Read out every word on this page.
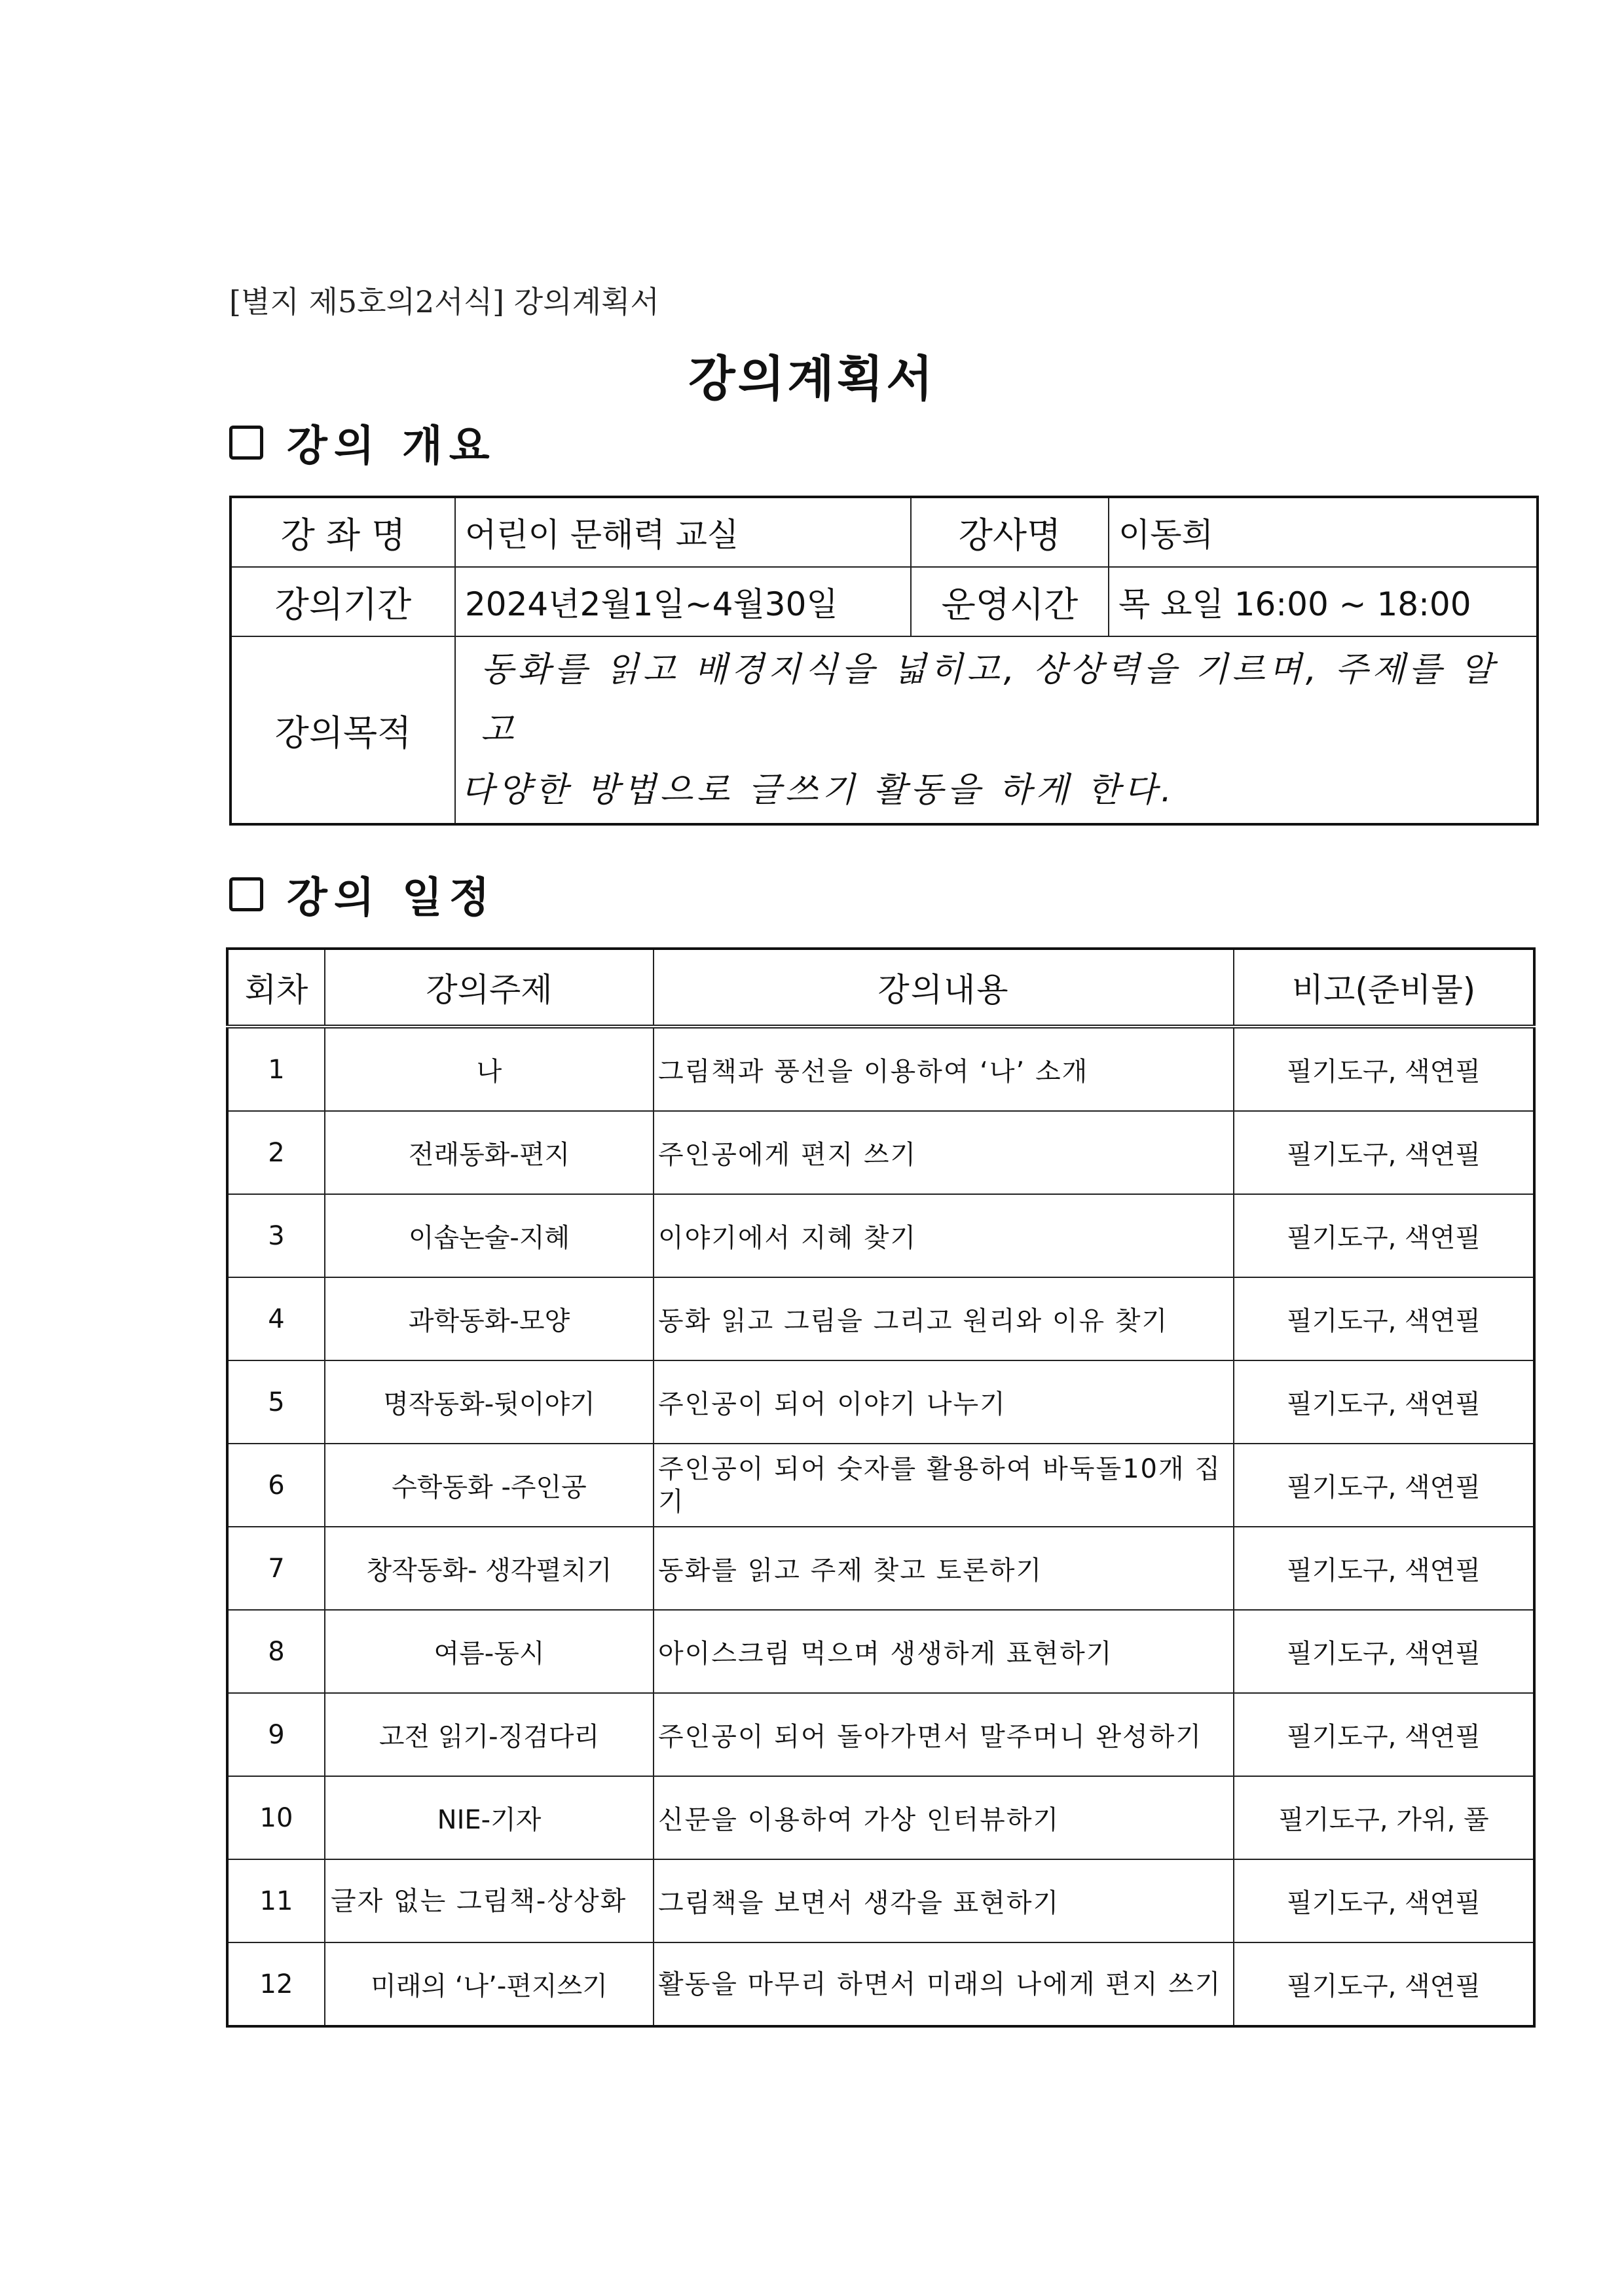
[별지 제5호의2서식] 강의계획서
강의계획서
강의 개요
강 좌 명	어린이 문해력 교실	강사명	이동희
강의기간	2024년2월1일~4월30일	운영시간	목 요일 16:00 ~ 18:00
강의목적	동화를 읽고 배경지식을 넓히고, 상상력을 기르며, 주제를 알고
다양한 방법으로 글쓰기 활동을 하게 한다.		
강의 일정
회차	강의주제	강의내용	비고(준비물)
1	나	그림책과 풍선을 이용하여 ‘나’ 소개	필기도구, 색연필
2	전래동화-편지	주인공에게 편지 쓰기	필기도구, 색연필
3	이솝논술-지혜	이야기에서 지혜 찾기	필기도구, 색연필
4	과학동화-모양	동화 읽고 그림을 그리고 원리와 이유 찾기	필기도구, 색연필
5	명작동화-뒷이야기	주인공이 되어 이야기 나누기	필기도구, 색연필
6	수학동화 -주인공	주인공이 되어 숫자를 활용하여 바둑돌10개 집기	필기도구, 색연필
7	창작동화- 생각펼치기	동화를 읽고 주제 찾고 토론하기	필기도구, 색연필
8	여름-동시	아이스크림 먹으며 생생하게 표현하기	필기도구, 색연필
9	고전 읽기-징검다리	주인공이 되어 돌아가면서 말주머니 완성하기	필기도구, 색연필
10	NIE-기자	신문을 이용하여 가상 인터뷰하기	필기도구, 가위, 풀
11	글자 없는 그림책-상상화	그림책을 보면서 생각을 표현하기	필기도구, 색연필
12	미래의 ‘나’-편지쓰기	활동을 마무리 하면서 미래의 나에게 편지 쓰기	필기도구, 색연필
